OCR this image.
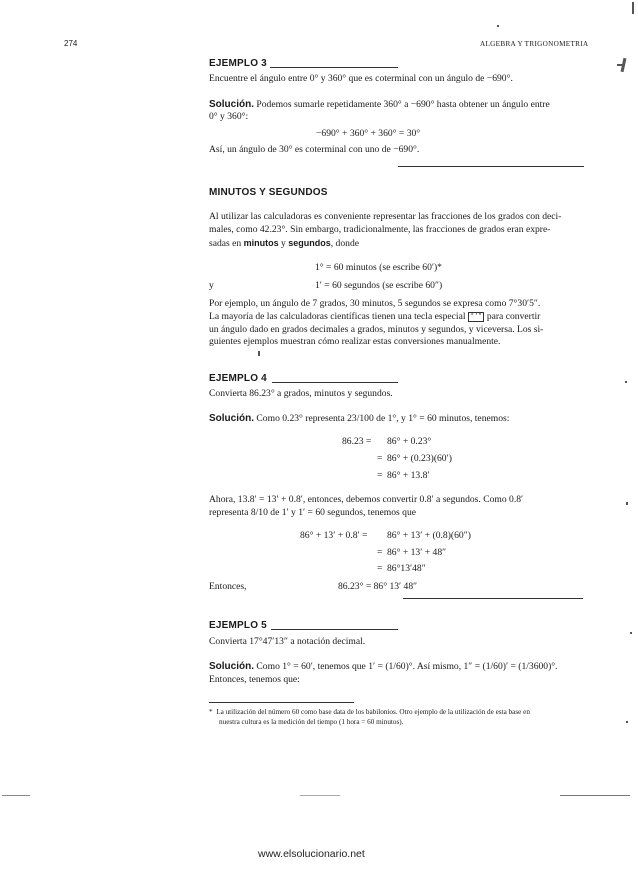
274	ALGEBRA Y TRIGONOMETRIA
EJEMPLO 3
Encuentre el ángulo entre 0° y 360° que es coterminal con un ángulo de −690°.
Solución. Podemos sumarle repetidamente 360° a −690° hasta obtener un ángulo entre
0° y 360°:
−690° + 360° + 360° = 30°
Así, un ángulo de 30° es coterminal con uno de −690°.
MINUTOS Y SEGUNDOS
Al utilizar las calculadoras es conveniente representar las fracciones de los grados con deci-
males, como 42.23°. Sin embargo, tradicionalmente, las fracciones de grados eran expre-
sadas en minutos y segundos, donde
1° = 60 minutos (se escribe 60′)*
y	1′ = 60 segundos (se escribe 60″)
Por ejemplo, un ángulo de 7 grados, 30 minutos, 5 segundos se expresa como 7°30′5″.
La mayoría de las calculadoras científicas tienen una tecla especial ° ′ ″ para convertir
un ángulo dado en grados decimales a grados, minutos y segundos, y viceversa. Los si-
guientes ejemplos muestran cómo realizar estas conversiones manualmente.
EJEMPLO 4
Convierta 86.23° a grados, minutos y segundos.
Solución. Como 0.23° representa 23/100 de 1°, y 1° = 60 minutos, tenemos:
86.23 = 86° + 0.23°
= 86° + (0.23)(60′)
= 86° + 13.8′
Ahora, 13.8′ = 13′ + 0.8′, entonces, debemos convertir 0.8′ a segundos. Como 0.8′
representa 8/10 de 1′ y 1′ = 60 segundos, tenemos que
86° + 13′ + 0.8′ = 86° + 13′ + (0.8)(60″)
= 86° + 13′ + 48″
= 86°13′48″
Entonces,	86.23° = 86° 13′ 48″
EJEMPLO 5
Convierta 17°47′13″ a notación decimal.
Solución. Como 1° = 60′, tenemos que 1′ = (1/60)°. Así mismo, 1″ = (1/60)′ = (1/3600)°.
Entonces, tenemos que:
* La utilización del número 60 como base data de los babilonios. Otro ejemplo de la utilización de esta base en
nuestra cultura es la medición del tiempo (1 hora = 60 minutos).
www.elsolucionario.net
